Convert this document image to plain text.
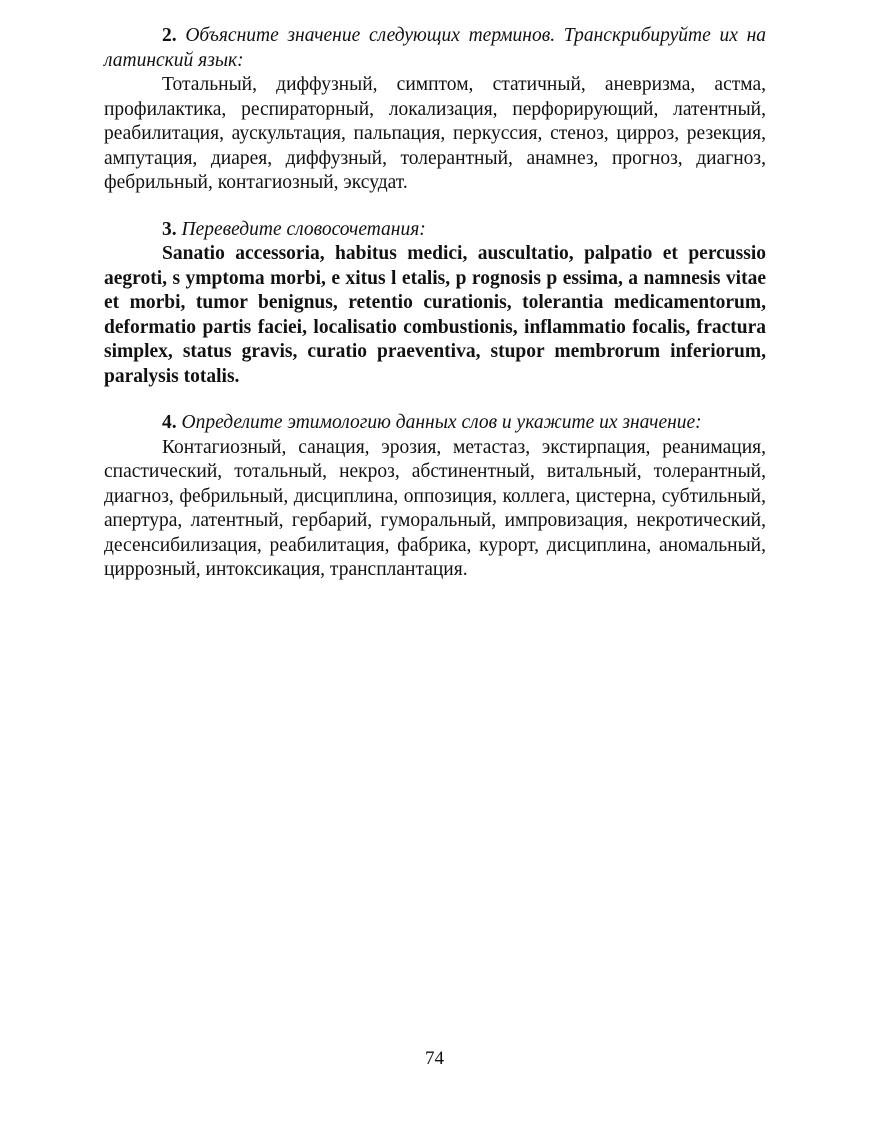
2. Объясните значение следующих терминов. Транскрибируйте их на латинский язык:

Тотальный, диффузный, симптом, статичный, аневризма, астма, профилактика, респираторный, локализация, перфорирующий, латентный, реабилитация, аускультация, пальпация, перкуссия, стеноз, цирроз, резекция, ампутация, диарея, диффузный, толерантный, анамнез, прогноз, диагноз, фебрильный, контагиозный, эксудат.

3. Переведите словосочетания:

Sanatio accessoria, habitus medici, auscultatio, palpatio et percussio aegroti, s ymptoma morbi, e xitus l etalis, p rognosis p essima, a namnesis vitae et morbi, tumor benignus, retentio curationis, tolerantia medicamentorum, deformatio partis faciei, localisatio combustionis, inflammatio focalis, fractura simplex, status gravis, curatio praeventiva, stupor membrorum inferiorum, paralysis totalis.

4. Определите этимологию данных слов и укажите их значение:

Контагиозный, санация, эрозия, метастаз, экстирпация, реанимация, спастический, тотальный, некроз, абстинентный, витальный, толерантный, диагноз, фебрильный, дисциплина, оппозиция, коллега, цистерна, субтильный, апертура, латентный, гербарий, гуморальный, импровизация, некротический, десенсибилизация, реабилитация, фабрика, курорт, дисциплина, аномальный, циррозный, интоксикация, трансплантация.

74
